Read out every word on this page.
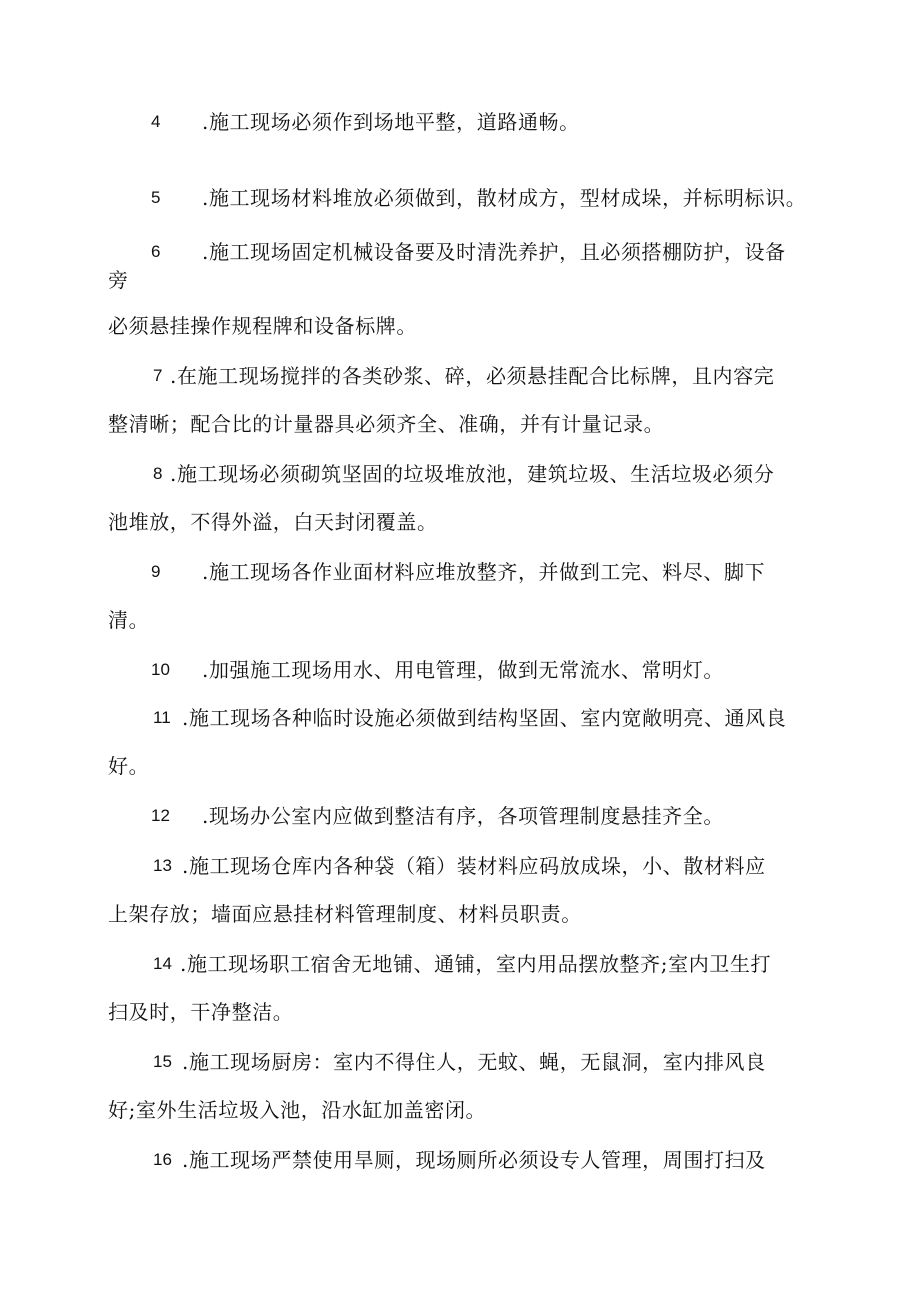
4 .施工现场必须作到场地平整，道路通畅。
5 .施工现场材料堆放必须做到，散材成方，型材成垛，并标明标识。
6 .施工现场固定机械设备要及时清洗养护，且必须搭棚防护，设备
旁
必须悬挂操作规程牌和设备标牌。
7 .在施工现场搅拌的各类砂浆、碎，必须悬挂配合比标牌，且内容完
整清晰；配合比的计量器具必须齐全、准确，并有计量记录。
8 .施工现场必须砌筑坚固的垃圾堆放池，建筑垃圾、生活垃圾必须分
池堆放，不得外溢，白天封闭覆盖。
9 .施工现场各作业面材料应堆放整齐，并做到工完、料尽、脚下
清。
10 .加强施工现场用水、用电管理，做到无常流水、常明灯。
11 .施工现场各种临时设施必须做到结构坚固、室内宽敞明亮、通风良
好。
12 .现场办公室内应做到整洁有序，各项管理制度悬挂齐全。
13 .施工现场仓库内各种袋（箱）装材料应码放成垛，小、散材料应
上架存放；墙面应悬挂材料管理制度、材料员职责。
14 .施工现场职工宿舍无地铺、通铺，室内用品摆放整齐;室内卫生打
扫及时，干净整洁。
15 .施工现场厨房：室内不得住人，无蚊、蝇，无鼠洞，室内排风良
好;室外生活垃圾入池，沿水缸加盖密闭。
16 .施工现场严禁使用旱厕，现场厕所必须设专人管理，周围打扫及
